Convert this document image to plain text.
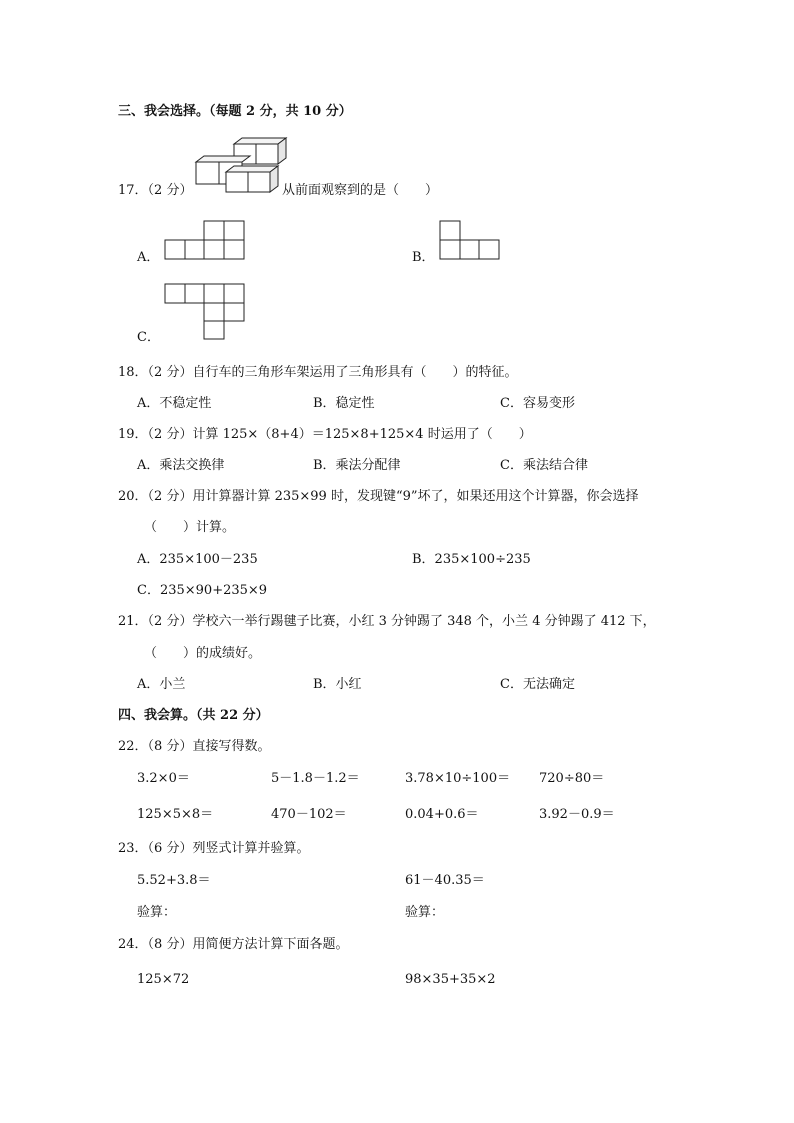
三、我会选择。（每题 2 分，共 10 分）
17．（2 分）	从前面观察到的是（　　）
A．	B．
C．
18．（2 分）自行车的三角形车架运用了三角形具有（　　）的特征。
A．不稳定性	B．稳定性	C．容易变形
19．（2 分）计算 125×（8+4）＝125×8+125×4 时运用了（　　）
A．乘法交换律	B．乘法分配律	C．乘法结合律
20．（2 分）用计算器计算 235×99 时，发现键“9”坏了，如果还用这个计算器，你会选择
（　　）计算。
A．235×100－235	B．235×100÷235
C．235×90+235×9
21．（2 分）学校六一举行踢毽子比赛，小红 3 分钟踢了 348 个，小兰 4 分钟踢了 412 下，
（　　）的成绩好。
A．小兰	B．小红	C．无法确定
四、我会算。（共 22 分）
22．（8 分）直接写得数。
3.2×0＝	5－1.8－1.2＝	3.78×10÷100＝ 720÷80＝
125×5×8＝	470－102＝	0.04+0.6＝	3.92－0.9＝
23．（6 分）列竖式计算并验算。
5.52+3.8＝	61－40.35＝
验算：	验算：
24．（8 分）用简便方法计算下面各题。
125×72	98×35+35×2
